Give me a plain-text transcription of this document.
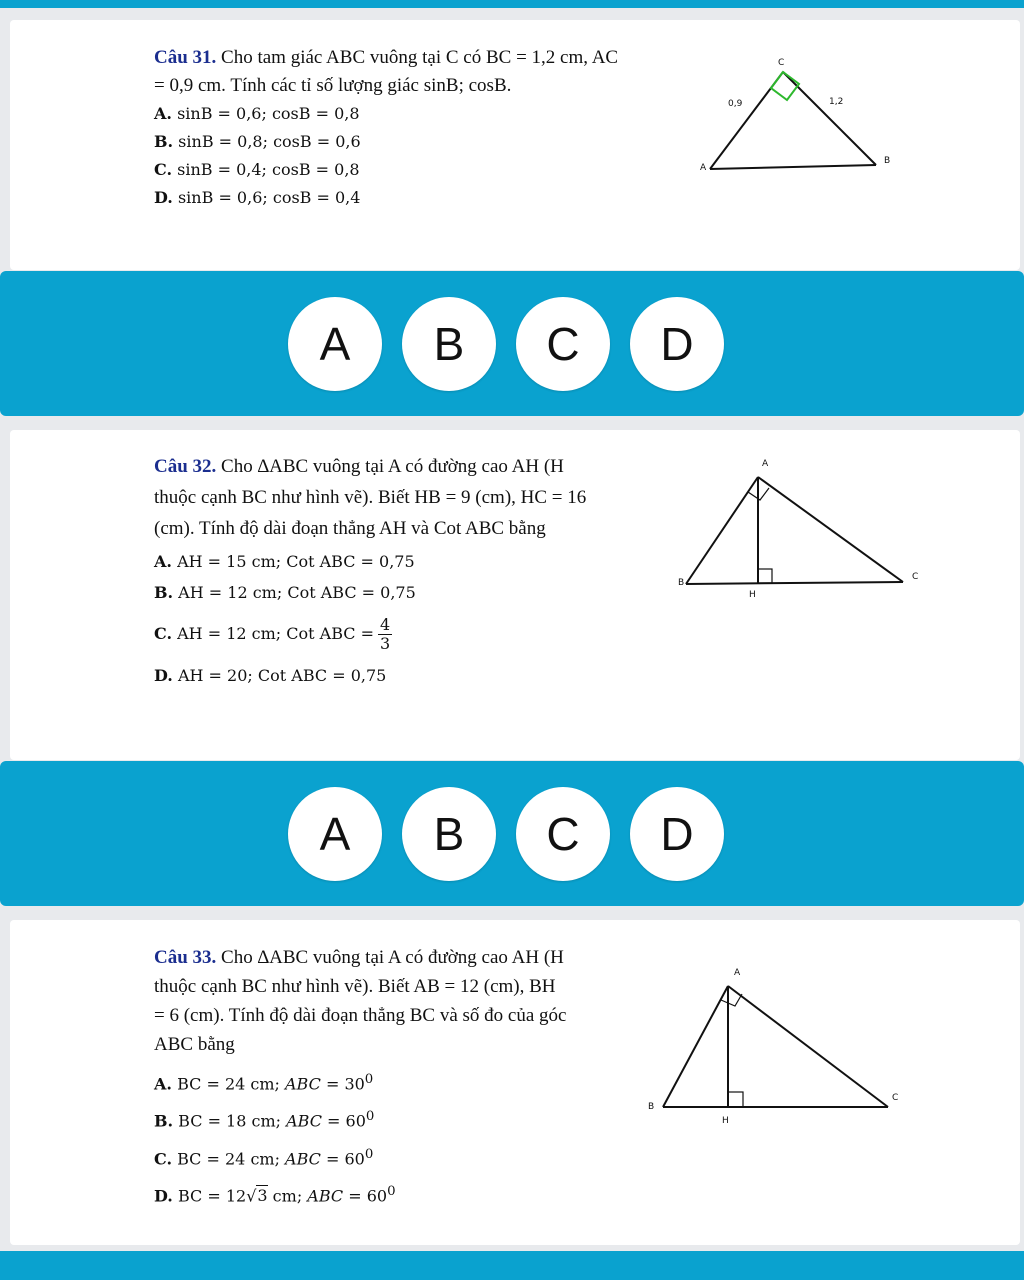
Câu 31. Cho tam giác ABC vuông tại C có BC = 1,2 cm, AC
= 0,9 cm. Tính các tỉ số lượng giác sinB; cosB.
A. sinB = 0,6; cosB = 0,8
B. sinB = 0,8; cosB = 0,6
C. sinB = 0,4; cosB = 0,8
D. sinB = 0,6; cosB = 0,4
C
A
B
0,9	1,2
A	B	C	D
Câu 32. Cho ∆ABC vuông tại A có đường cao AH (H
thuộc cạnh BC như hình vẽ). Biết HB = 9 (cm), HC = 16
(cm). Tính độ dài đoạn thẳng AH và Cot ABC bằng
A. AH = 15 cm; Cot ABC = 0,75
B. AH = 12 cm; Cot ABC = 0,75
C. AH = 12 cm; Cot ABC = $\frac{4}{3}$
D. AH = 20; Cot ABC = 0,75
A
B
C
H
A	B	C	D
Câu 33. Cho ∆ABC vuông tại A có đường cao AH (H
thuộc cạnh BC như hình vẽ). Biết AB = 12 (cm), BH
= 6 (cm). Tính độ dài đoạn thẳng BC và số đo của góc
ABC bằng
A. BC = 24 cm; ABC = $30^0$
B. BC = 18 cm; ABC = $60^0$
C. BC = 24 cm; ABC = $60^0$
D. BC = 12√3 cm; ABC = $60^0$
A
B
C
H
